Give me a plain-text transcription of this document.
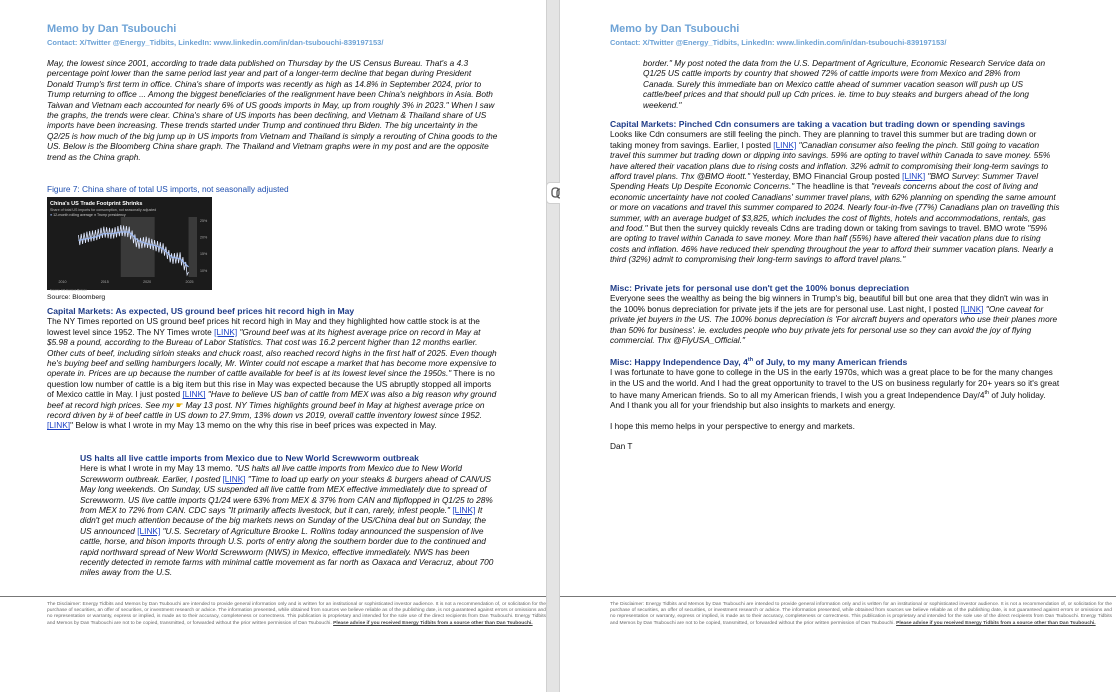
Memo by Dan Tsubouchi
Contact: X/Twitter @Energy_Tidbits, LinkedIn: www.linkedin.com/in/dan-tsubouchi-839197153/

May, the lowest since 2001, according to trade data published on Thursday by the US Census Bureau. That's a 4.3 percentage point lower than the same period last year and part of a longer-term decline that began during President Donald Trump's first term in office. China's share of imports was recently as high as 14.8% in September 2024, prior to Trump returning to office ... Among the biggest beneficiaries of the realignment have been China's neighbors in Asia. Both Taiwan and Vietnam each accounted for nearly 6% of US goods imports in May, up from roughly 3% in 2023." When I saw the graphs, the trends were clear. China's share of US imports has been declining, and Vietnam & Thailand share of US imports have been increasing. These trends started under Trump and continued thru Biden. The big uncertainty in the Q2/25 is how much of the big jump up in US imports from Vietnam and Thailand is simply a rerouting of China goods to the US. Below is the Bloomberg China share graph. The Thailand and Vietnam graphs were in my post and are the opposite trend as the China graph.

Figure 7: China share of total US imports, not seasonally adjusted
China's US Trade Footprint Shrinks
Share of total US imports for consumption, not seasonally adjusted
● 12-month rolling average ■ Trump presidency
25%
20%
15%
10%
2010	2015	2020	2025
Source: US Census Bureau
Source: Bloomberg
Capital Markets: As expected, US ground beef prices hit record high in May

The NY Times reported on US ground beef prices hit record high in May and they highlighted how cattle stock is at the lowest level since 1952. The NY Times wrote [LINK] "Ground beef was at its highest average price on record in May at $5.98 a pound, according to the Bureau of Labor Statistics. That cost was 16.2 percent higher than 12 months earlier. Other cuts of beef, including sirloin steaks and chuck roast, also reached record highs in the first half of 2025. Even though he's buying beef and selling hamburgers locally, Mr. Winter could not escape a market that has become more expensive to operate in. Prices are up because the number of cattle available for beef is at its lowest level since the 1950s." There is no question low number of cattle is a big item but this rise in May was expected because the US abruptly stopped all imports of Mexico cattle in May. I just posted [LINK] "Have to believe US ban of cattle from MEX was also a big reason why ground beef at record high prices. See my ☛ May 13 post. NY Times highlights ground beef in May at highest average price on record driven by # of beef cattle in US down to 27.9mm, 13% down vs 2019, overall cattle inventory lowest since 1952. [LINK]" Below is what I wrote in my May 13 memo on the why this rise in beef prices was expected in May.

US halts all live cattle imports from Mexico due to New World Screwworm outbreak

Here is what I wrote in my May 13 memo. "US halts all live cattle imports from Mexico due to New World Screwworm outbreak. Earlier, I posted [LINK] "Time to load up early on your steaks & burgers ahead of CAN/US May long weekends. On Sunday, US suspended all live cattle from MEX effective immediately due to spread of Screwworm. US live cattle imports Q1/24 were 63% from MEX & 37% from CAN and flipflopped in Q1/25 to 28% from MEX to 72% from CAN. CDC says "It primarily affects livestock, but it can, rarely, infest people." [LINK] It didn't get much attention because of the big markets news on Sunday of the US/China deal but on Sunday, the US announced [LINK] "U.S. Secretary of Agriculture Brooke L. Rollins today announced the suspension of live cattle, horse, and bison imports through U.S. ports of entry along the southern border due to the continued and rapid northward spread of New World Screwworm (NWS) in Mexico, effective immediately. NWS has been recently detected in remote farms with minimal cattle movement as far north as Oaxaca and Veracruz, about 700 miles away from the U.S.

The Disclaimer: Energy Tidbits and Memos by Dan Tsubouchi are intended to provide general information only and is written for an institutional or sophisticated investor audience. It is not a recommendation of, or solicitation for the purchase of securities, an offer of securities, or investment research or advice. The information presented, while obtained from sources we believe reliable as of the publishing date, is not guaranteed against errors or omissions and no representation or warranty, express or implied, is made as to their accuracy, completeness or correctness. This publication is proprietary and intended for the sole use of the direct recipients from Dan Tsubouchi. Energy Tidbits and Memos by Dan Tsubouchi are not to be copied, transmitted, or forwarded without the prior written permission of Dan Tsubouchi. Please advise if you received Energy Tidbits from a source other than Dan Tsubouchi.
Memo by Dan Tsubouchi
Contact: X/Twitter @Energy_Tidbits, LinkedIn: www.linkedin.com/in/dan-tsubouchi-839197153/

border." My post noted the data from the U.S. Department of Agriculture, Economic Research Service data on Q1/25 US cattle imports by country that showed 72% of cattle imports were from Mexico and 28% from Canada. Surely this immediate ban on Mexico cattle ahead of summer vacation season will push up US cattle/beef prices and that should pull up Cdn prices. ie. time to buy steaks and burgers ahead of the long weekend."

Capital Markets: Pinched Cdn consumers are taking a vacation but trading down or spending savings

Looks like Cdn consumers are still feeling the pinch. They are planning to travel this summer but are trading down or taking money from savings. Earlier, I posted [LINK] "Canadian consumer also feeling the pinch. Still going to vacation travel this summer but trading down or dipping into savings. 59% are opting to travel within Canada to save money. 55% have altered their vacation plans due to rising costs and inflation. 32% admit to compromising their long-term savings to afford travel plans. Thx @BMO #oott." Yesterday, BMO Financial Group posted [LINK] "BMO Survey: Summer Travel Spending Heats Up Despite Economic Concerns." The headline is that "reveals concerns about the cost of living and economic uncertainty have not cooled Canadians' summer travel plans, with 62% planning on spending the same amount or more on vacations and travel this summer compared to 2024. Nearly four-in-five (77%) Canadians plan on travelling this summer, with an average budget of $3,825, which includes the cost of flights, hotels and accommodations, rentals, gas and food." But then the survey quickly reveals Cdns are trading down or taking from savings to travel. BMO wrote "59% are opting to travel within Canada to save money. More than half (55%) have altered their vacation plans due to rising costs and inflation. 46% have reduced their spending throughout the year to afford their summer vacation plans. Nearly a third (32%) admit to compromising their long-term savings to afford travel plans."

Misc: Private jets for personal use don't get the 100% bonus depreciation

Everyone sees the wealthy as being the big winners in Trump's big, beautiful bill but one area that they didn't win was in the 100% bonus depreciation for private jets if the jets are for personal use. Last night, I posted [LINK] "One caveat for private jet buyers in the US. The 100% bonus depreciation is 'For aircraft buyers and operators who use their planes more than 50% for business'. ie. excludes people who buy private jets for personal use so they can avoid the joy of flying commercial. Thx @FlyUSA_Official."

Misc: Happy Independence Day, 4th of July, to my many American friends

I was fortunate to have gone to college in the US in the early 1970s, which was a great place to be for the many changes in the US and the world. And I had the great opportunity to travel to the US on business regularly for 20+ years so it's great to have many American friends. So to all my American friends, I wish you a great Independence Day/4th of July holiday. And I thank you all for your friendship but also insights to markets and energy.

I hope this memo helps in your perspective to energy and markets.

Dan T

The Disclaimer: Energy Tidbits and Memos by Dan Tsubouchi are intended to provide general information only and is written for an institutional or sophisticated investor audience. It is not a recommendation of, or solicitation for the purchase of securities, an offer of securities, or investment research or advice. The information presented, while obtained from sources we believe reliable as of the publishing date, is not guaranteed against errors or omissions and no representation or warranty, express or implied, is made as to their accuracy, completeness or correctness. This publication is proprietary and intended for the sole use of the direct recipients from Dan Tsubouchi. Energy Tidbits and Memos by Dan Tsubouchi are not to be copied, transmitted, or forwarded without the prior written permission of Dan Tsubouchi. Please advise if you received Energy Tidbits from a source other than Dan Tsubouchi.
